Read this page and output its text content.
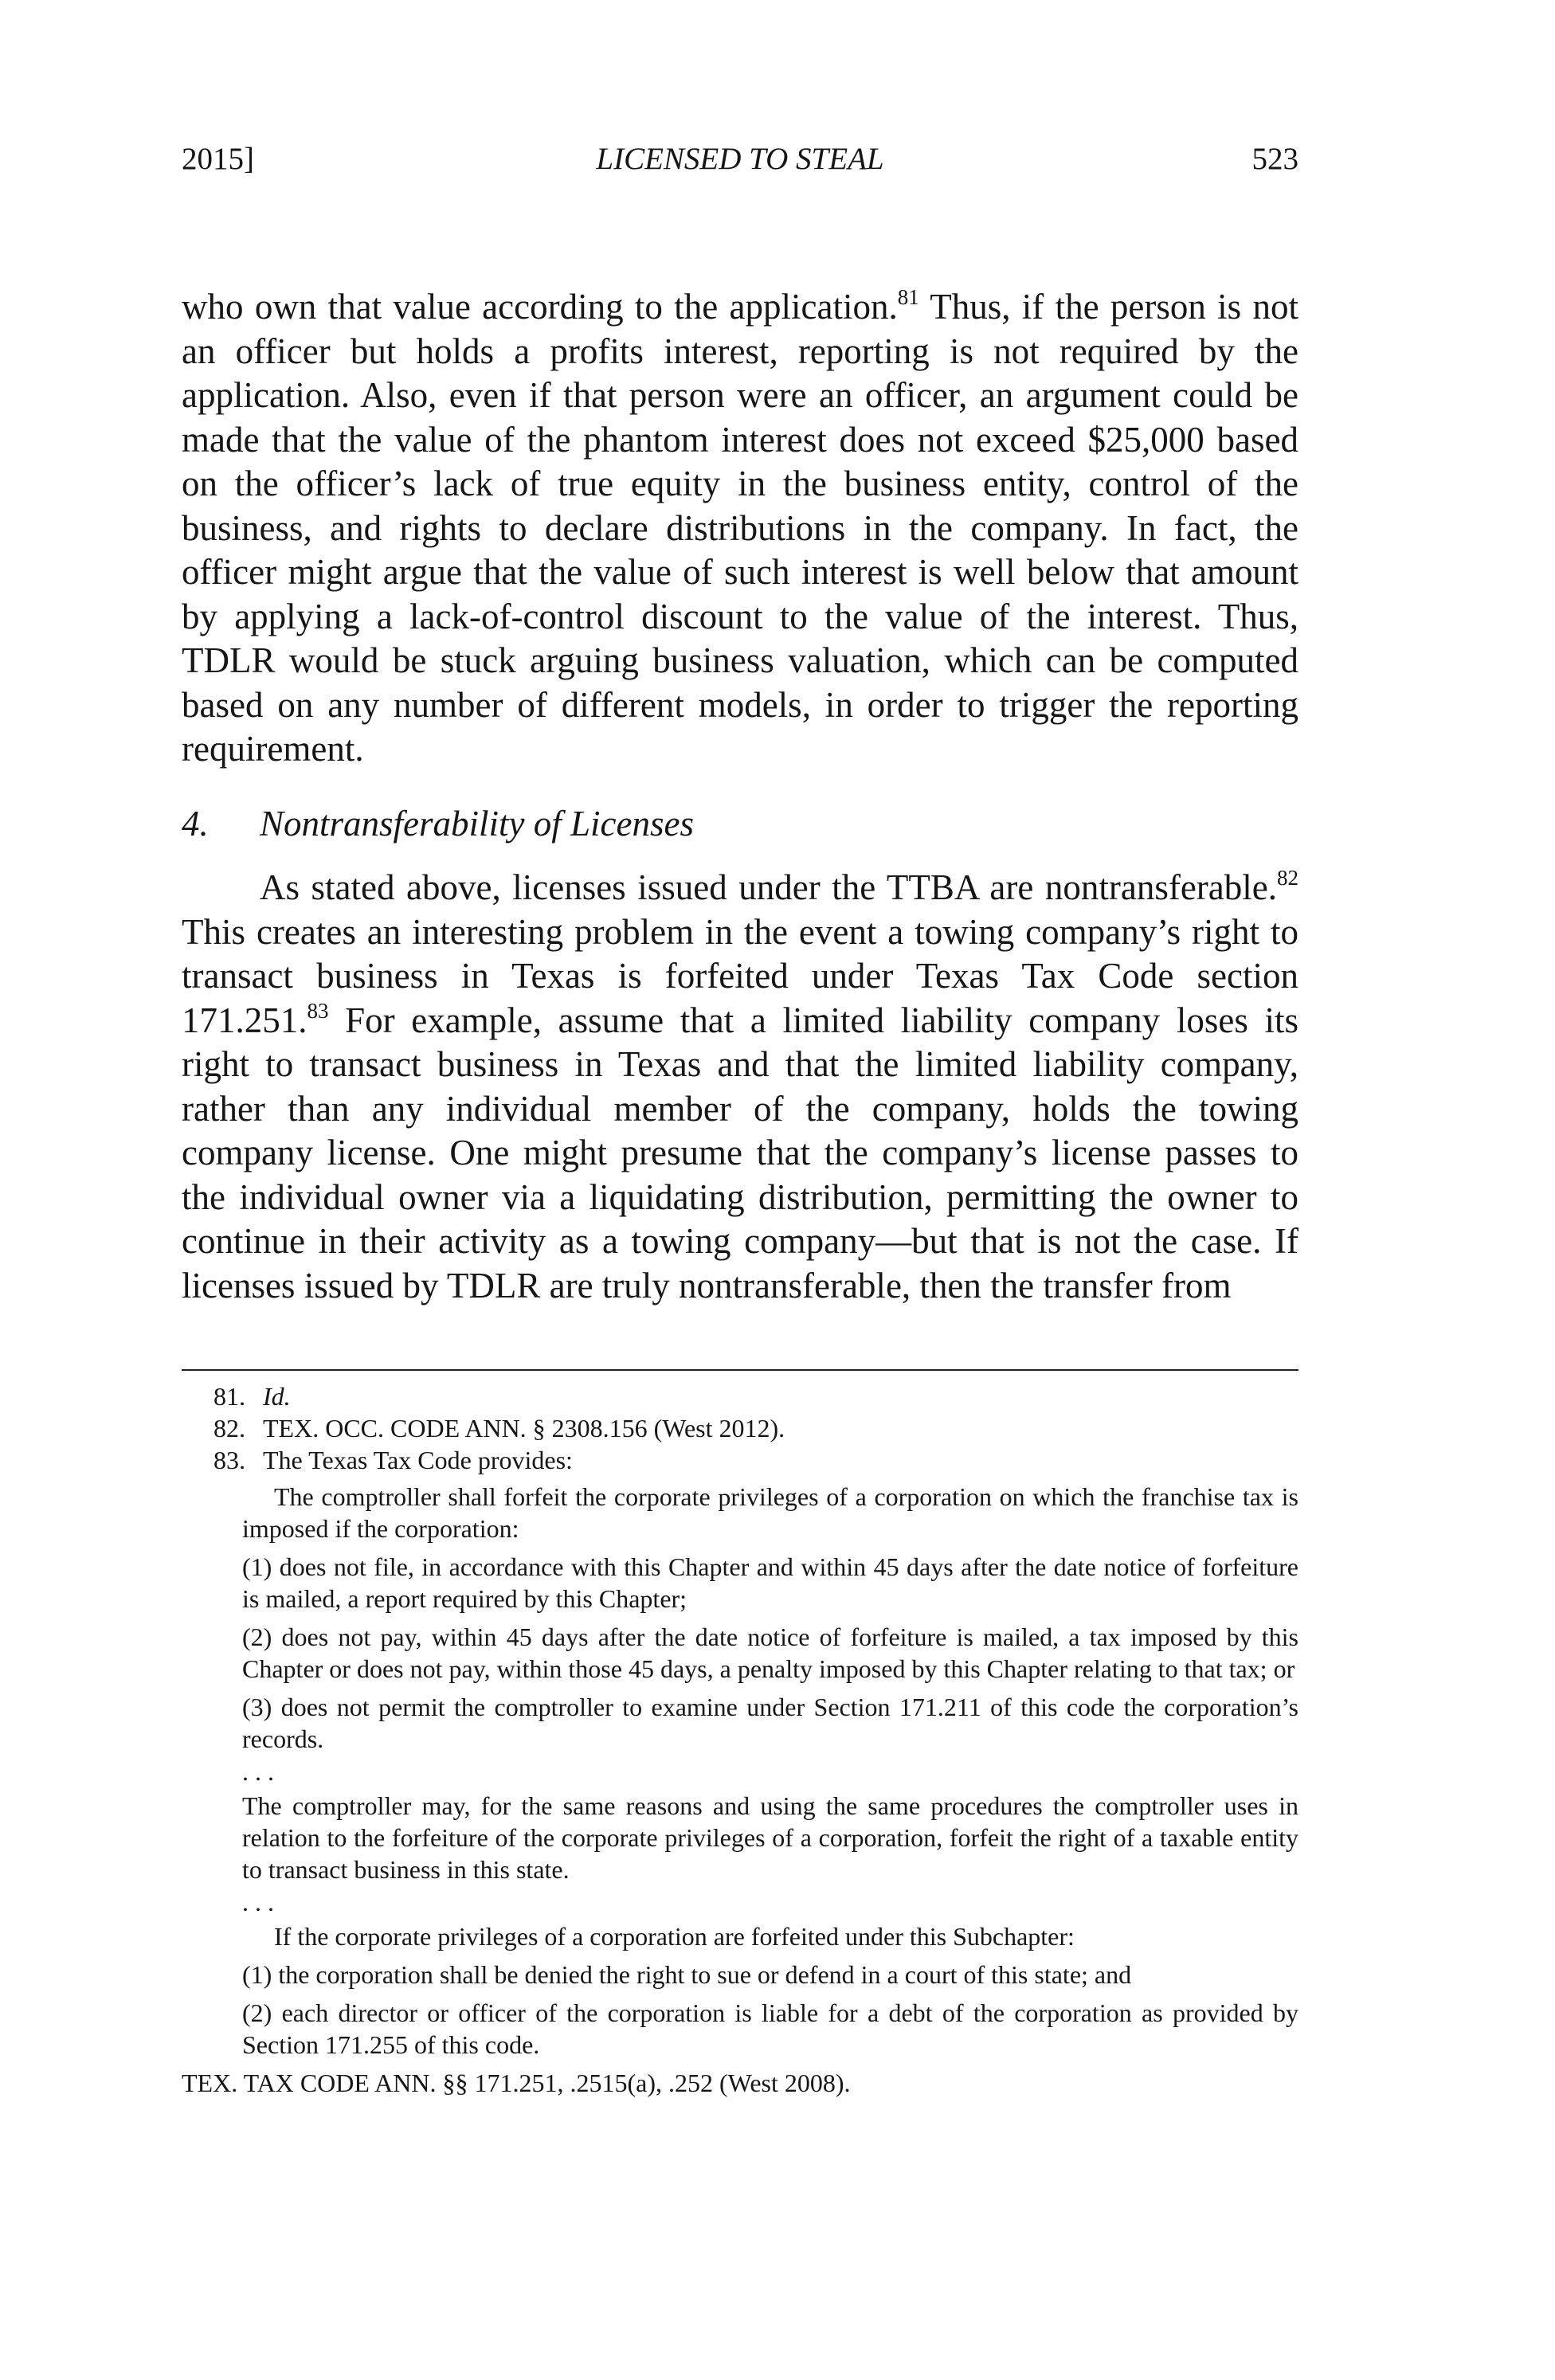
2015]	LICENSED TO STEAL	523

who own that value according to the application.$^{81}$ Thus, if the person is not an officer but holds a profits interest, reporting is not required by the application. Also, even if that person were an officer, an argument could be made that the value of the phantom interest does not exceed $25,000 based on the officer’s lack of true equity in the business entity, control of the business, and rights to declare distributions in the company. In fact, the officer might argue that the value of such interest is well below that amount by applying a lack-of-control discount to the value of the interest. Thus, TDLR would be stuck arguing business valuation, which can be computed based on any number of different models, in order to trigger the reporting requirement.

4. Nontransferability of Licenses

As stated above, licenses issued under the TTBA are nontransferable.$^{82}$ This creates an interesting problem in the event a towing company’s right to transact business in Texas is forfeited under Texas Tax Code section 171.251.83 For example, assume that a limited liability company loses its right to transact business in Texas and that the limited liability company, rather than any individual member of the company, holds the towing company license. One might presume that the company’s license passes to the individual owner via a liquidating distribution, permitting the owner to continue in their activity as a towing company—but that is not the case. If licenses issued by TDLR are truly nontransferable, then the transfer from

81. Id.
82. TEX. OCC. CODE ANN. § 2308.156 (West 2012).
83. The Texas Tax Code provides:

The comptroller shall forfeit the corporate privileges of a corporation on which the franchise tax is imposed if the corporation:

(1) does not file, in accordance with this Chapter and within 45 days after the date notice of forfeiture is mailed, a report required by this Chapter;

(2) does not pay, within 45 days after the date notice of forfeiture is mailed, a tax imposed by this Chapter or does not pay, within those 45 days, a penalty imposed by this Chapter relating to that tax; or

(3) does not permit the comptroller to examine under Section 171.211 of this code the corporation’s records.

. . .

The comptroller may, for the same reasons and using the same procedures the comptroller uses in relation to the forfeiture of the corporate privileges of a corporation, forfeit the right of a taxable entity to transact business in this state.

. . .

If the corporate privileges of a corporation are forfeited under this Subchapter:

(1) the corporation shall be denied the right to sue or defend in a court of this state; and

(2) each director or officer of the corporation is liable for a debt of the corporation as provided by Section 171.255 of this code.

TEX. TAX CODE ANN. §§ 171.251, .2515(a), .252 (West 2008).
